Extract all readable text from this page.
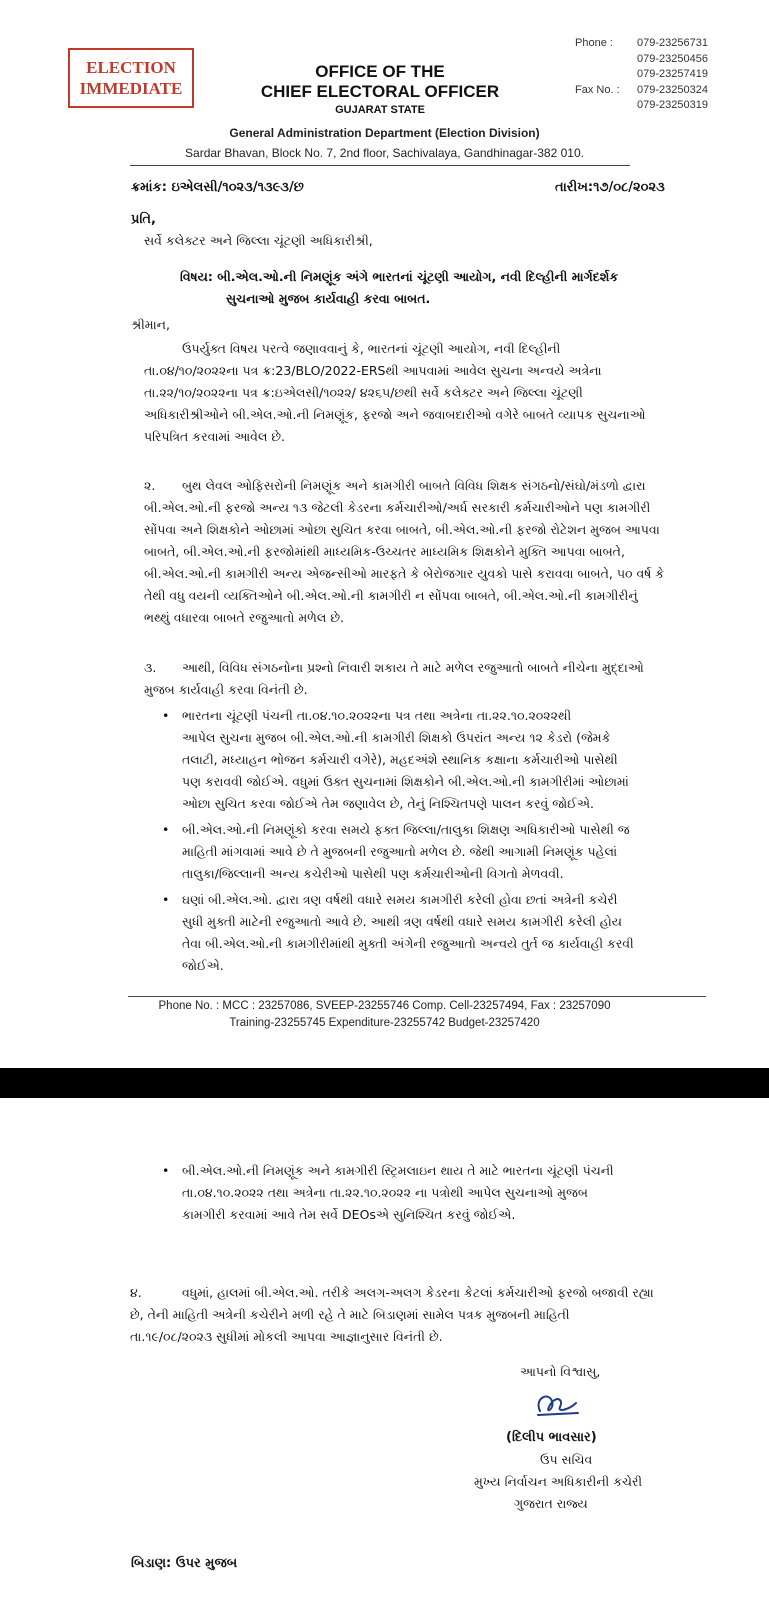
ELECTION
IMMEDIATE
OFFICE OF THE
CHIEF ELECTORAL OFFICER
GUJARAT STATE
Phone :	079-23256731
079-23250456
079-23257419
Fax No. :	079-23250324
079-23250319
General Administration Department (Election Division)
Sardar Bhavan, Block No. 7, 2nd floor, Sachivalaya, Gandhinagar-382 010.
ક્રમાંક: ઇએલસી/૧૦૨૩/૧૩૯૩/છ	તારીખ:૧૭/૦૮/૨૦૨૩
પ્રતિ,
સર્વે કલેક્ટર અને જિલ્લા ચૂંટણી અધિકારીશ્રી,
વિષય: બી.એલ.ઓ.ની નિમણૂંક અંગે ભારતનાં ચૂંટણી આયોગ, નવી દિલ્હીની માર્ગદર્શક
સુચનાઓ મુજબ કાર્યવાહી કરવા બાબત.
શ્રીમાન,
ઉપર્યુક્ત વિષય પરત્વે જણાવવાનું કે, ભારતનાં ચૂંટણી આયોગ, નવી દિલ્હીની
તા.૦૪/૧૦/૨૦૨૨ના પત્ર ક્ર:23/BLO/2022-ERSથી આપવામાં આવેલ સુચના અન્વયે અત્રેના
તા.૨૨/૧૦/૨૦૨૨ના પત્ર ક્ર:ઇએલસી/૧૦૨૨/ ૪૨૬૫/છથી સર્વે કલેક્ટર અને જિલ્લા ચૂંટણી
અધિકારીશ્રીઓને બી.એલ.ઓ.ની નિમણૂંક, ફરજો અને જવાબદારીઓ વગેરે બાબતે વ્યાપક સુચનાઓ
પરિપત્રિત કરવામાં આવેલ છે.
૨. બુથ લેવલ ઓફિસરોની નિમણૂંક અને કામગીરી બાબતે વિવિધ શિક્ષક સંગઠનો/સંઘો/મંડળો દ્વારા
બી.એલ.ઓ.ની ફરજો અન્ય ૧૩ જેટલી કેડરના કર્મચારીઓ/અર્ધ સરકારી કર્મચારીઓને પણ કામગીરી
સોંપવા અને શિક્ષકોને ઓછામાં ઓછા સુચિત કરવા બાબતે, બી.એલ.ઓ.ની ફરજો રોટેશન મુજબ આપવા
બાબતે, બી.એલ.ઓ.ની ફરજોમાંથી માધ્યમિક-ઉચ્ચતર માધ્યમિક શિક્ષકોને મુક્તિ આપવા બાબતે,
બી.એલ.ઓ.ની કામગીરી અન્ય એજન્સીઓ મારફતે કે બેરોજગાર યુવકો પાસે કરાવવા બાબતે, ૫૦ વર્ષ કે
તેથી વધુ વયની વ્યક્તિઓને બી.એલ.ઓ.ની કામગીરી ન સોંપવા બાબતે, બી.એલ.ઓ.ની કામગીરીનું
ભથ્થું વધારવા બાબતે રજુઆતો મળેલ છે.
૩. આથી, વિવિધ સંગઠનોના પ્રશ્નો નિવારી શકાય તે માટે મળેલ રજુઆતો બાબતે નીચેના મુદ્દાઓ
મુજબ કાર્યવાહી કરવા વિનંતી છે.
• ભારતના ચૂંટણી પંચની તા.૦૪.૧૦.૨૦૨૨ના પત્ર તથા અત્રેના તા.૨૨.૧૦.૨૦૨૨થી
આપેલ સુચના મુજબ બી.એલ.ઓ.ની કામગીરી શિક્ષકો ઉપરાંત અન્ય ૧૨ કેડરો (જેમકે
તલાટી, મધ્યાહન ભોજન કર્મચારી વગેરે), મહદઅંશે સ્થાનિક કક્ષાના કર્મચારીઓ પાસેથી
પણ કરાવવી જોઈએ. વધુમાં ઉક્ત સુચનામાં શિક્ષકોને બી.એલ.ઓ.ની કામગીરીમાં ઓછામાં
ઓછા સુચિત કરવા જોઈએ તેમ જણાવેલ છે, તેનું નિશ્ચિતપણે પાલન કરવું જોઈએ.
• બી.એલ.ઓ.ની નિમણૂંકો કરવા સમયે ફક્ત જિલ્લા/તાલુકા શિક્ષણ અધિકારીઓ પાસેથી જ
માહિતી માંગવામાં આવે છે તે મુજબની રજુઆતો મળેલ છે. જેથી આગામી નિમણૂંક પહેલાં
તાલુકા/જિલ્લાની અન્ય કચેરીઓ પાસેથી પણ કર્મચારીઓની વિગતો મેળવવી.
• ઘણાં બી.એલ.ઓ. દ્વારા ત્રણ વર્ષથી વધારે સમય કામગીરી કરેલી હોવા છતાં અત્રેની કચેરી
સુધી મુક્તી માટેની રજુઆતો આવે છે. આથી ત્રણ વર્ષથી વધારે સમય કામગીરી કરેલી હોય
તેવા બી.એલ.ઓ.ની કામગીરીમાંથી મુક્તી અંગેની રજુઆતો અન્વયે તુર્ત જ કાર્યવાહી કરવી
જોઈએ.
Phone No. : MCC : 23257086, SVEEP-23255746 Comp. Cell-23257494, Fax : 23257090
Training-23255745 Expenditure-23255742 Budget-23257420
• બી.એલ.ઓ.ની નિમણૂંક અને કામગીરી સ્ટ્રિમલાઇન થાય તે માટે ભારતના ચૂંટણી પંચની
તા.૦૪.૧૦.૨૦૨૨ તથા અત્રેના તા.૨૨.૧૦.૨૦૨૨ ના પત્રોથી આપેલ સુચનાઓ મુજબ
કામગીરી કરવામાં આવે તેમ સર્વે DEOsએ સુનિશ્ચિત કરવું જોઈએ.
૪.	વધુમાં, હાલમાં બી.એલ.ઓ. તરીકે અલગ-અલગ કેડરના કેટલાં કર્મચારીઓ ફરજો બજાવી રહ્યા
છે, તેની માહિતી અત્રેની કચેરીને મળી રહે તે માટે બિડાણમાં સામેલ પત્રક મુજબની માહિતી
તા.૧૯/૦૮/૨૦૨૩ સુધીમાં મોકલી આપવા આજ્ઞાનુસાર વિનંતી છે.
આપનો વિશ્વાસુ,
(દિલીપ ભાવસાર)
ઉપ સચિવ
મુખ્ય નિર્વાચન અધિકારીની કચેરી
ગુજરાત રાજ્ય
બિડાણ: ઉપર મુજબ
